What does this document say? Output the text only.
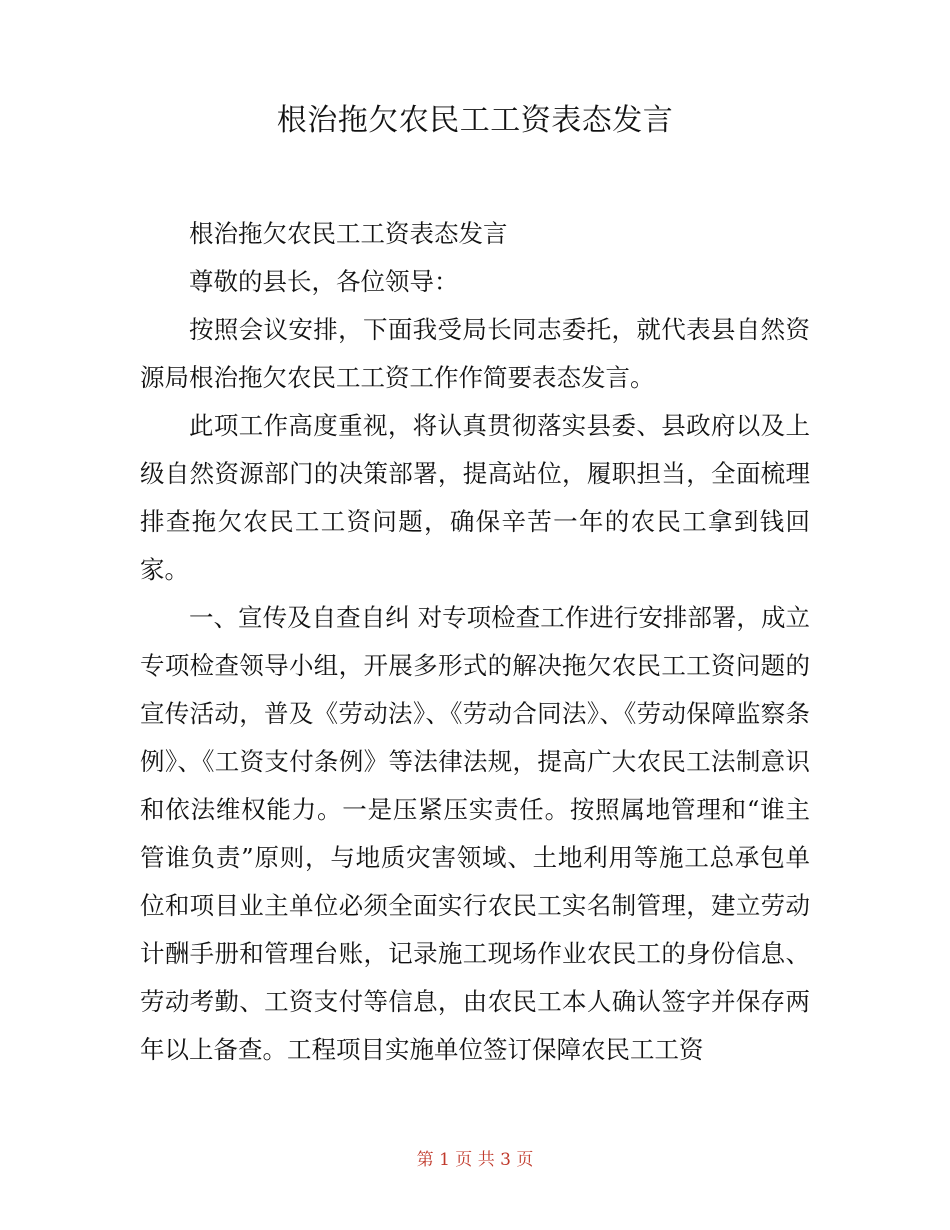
根治拖欠农民工工资表态发言

根治拖欠农民工工资表态发言

尊敬的县长，各位领导：

按照会议安排，下面我受局长同志委托，就代表县自然资源局根治拖欠农民工工资工作作简要表态发言。

此项工作高度重视，将认真贯彻落实县委、县政府以及上级自然资源部门的决策部署，提高站位，履职担当，全面梳理排查拖欠农民工工资问题，确保辛苦一年的农民工拿到钱回家。

一、宣传及自查自纠 对专项检查工作进行安排部署，成立专项检查领导小组，开展多形式的解决拖欠农民工工资问题的宣传活动，普及《劳动法》、《劳动合同法》、《劳动保障监察条例》、《工资支付条例》等法律法规，提高广大农民工法制意识和依法维权能力。一是压紧压实责任。按照属地管理和“谁主管谁负责”原则，与地质灾害领域、土地利用等施工总承包单位和项目业主单位必须全面实行农民工实名制管理，建立劳动计酬手册和管理台账，记录施工现场作业农民工的身份信息、劳动考勤、工资支付等信息，由农民工本人确认签字并保存两年以上备查。工程项目实施单位签订保障农民工工资

第 1 页 共 3 页
